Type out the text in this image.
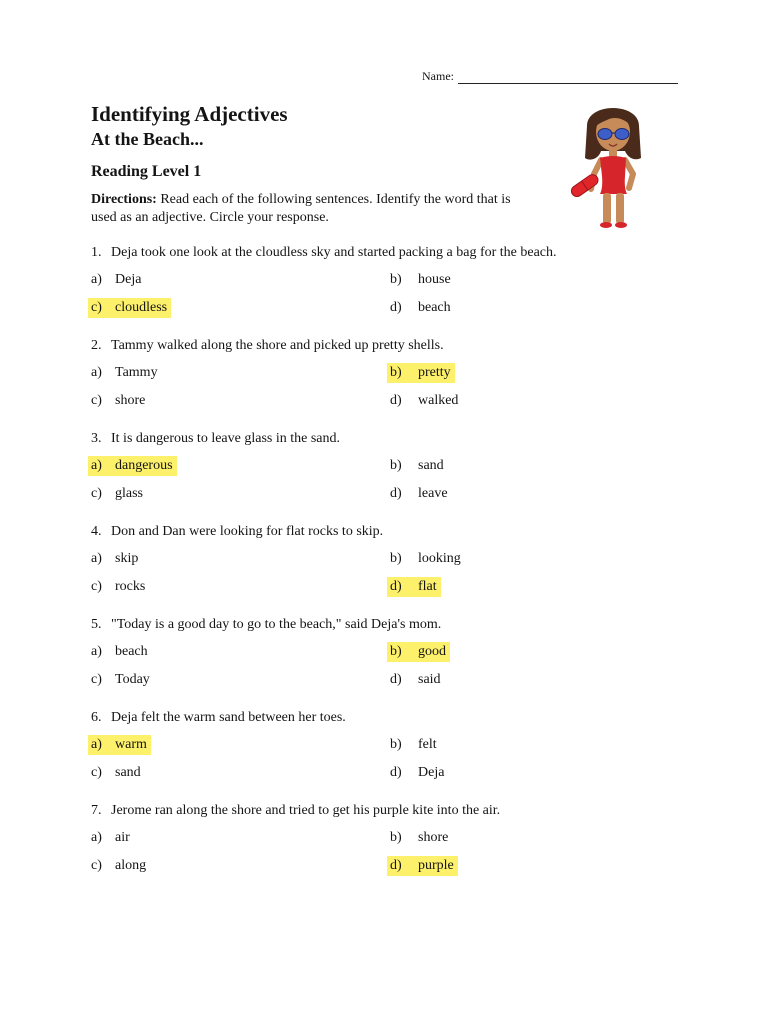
Name:
Identifying Adjectives
At the Beach...
Reading Level 1

Directions: Read each of the following sentences. Identify the word that is used as an adjective. Circle your response.

1. Deja took one look at the cloudless sky and started packing a bag for the beach.
a) Deja	b)	house
c) cloudless	d)	beach
2. Tammy walked along the shore and picked up pretty shells.
a) Tammy	b)	pretty
c) shore	d)	walked
3. It is dangerous to leave glass in the sand.
a) dangerous	b)	sand
c) glass	d)	leave
4. Don and Dan were looking for flat rocks to skip.
a) skip	b)	looking
c) rocks	d)	flat
5. "Today is a good day to go to the beach," said Deja's mom.
a) beach	b)	good
c) Today	d)	said
6. Deja felt the warm sand between her toes.
a) warm	b)	felt
c) sand	d)	Deja
7. Jerome ran along the shore and tried to get his purple kite into the air.
a) air	b)	shore
c) along	d)	purple
